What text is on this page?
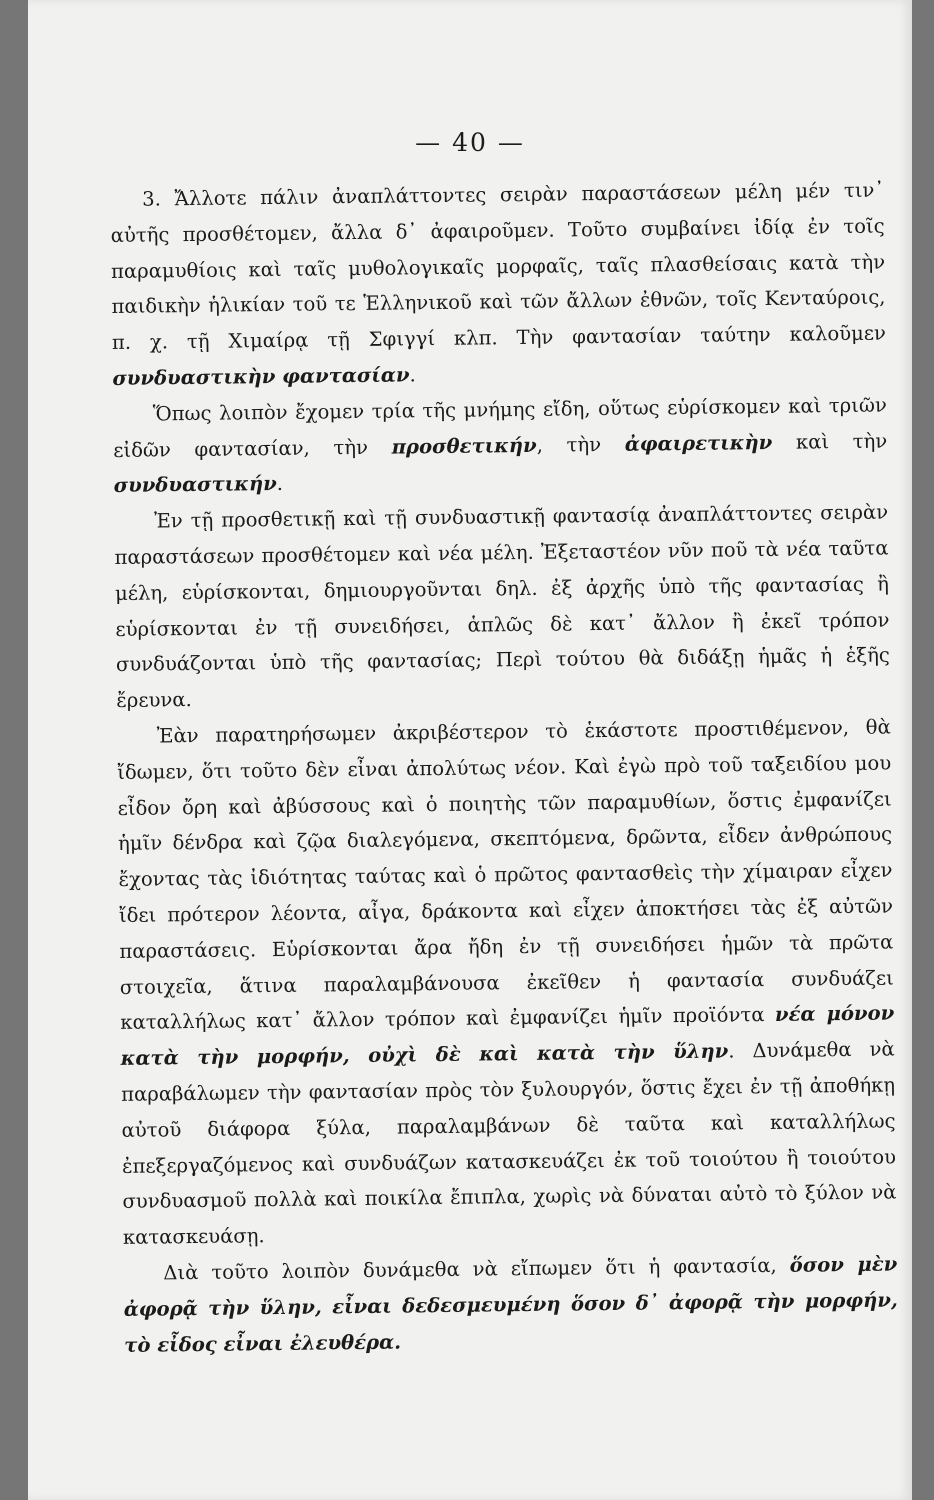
— 40 —

3. Ἄλλοτε πάλιν ἀναπλάττοντες σειρὰν παραστάσεων μέλη μέν τιν᾽ αὐτῆς προσθέτομεν, ἄλλα δ᾽ ἀφαιροῦμεν. Τοῦτο συμβαίνει ἰδίᾳ ἐν τοῖς παραμυθίοις καὶ ταῖς μυθολογικαῖς μορφαῖς, ταῖς πλασθείσαις κατὰ τὴν παιδικὴν ἡλικίαν τοῦ τε Ἑλληνικοῦ καὶ τῶν ἄλλων ἐθνῶν, τοῖς Κενταύροις, π. χ. τῇ Χιμαίρᾳ τῇ Σφιγγί κλπ. Τὴν φαντασίαν ταύτην καλοῦμεν συνδυαστικὴν φαντασίαν.

Ὅπως λοιπὸν ἔχομεν τρία τῆς μνήμης εἴδη, οὕτως εὑρίσκομεν καὶ τριῶν εἰδῶν φαντασίαν, τὴν προσθετικήν, τὴν ἀφαιρετικὴν καὶ τὴν συνδυαστικήν.

Ἐν τῇ προσθετικῇ καὶ τῇ συνδυαστικῇ φαντασίᾳ ἀναπλάττοντες σειρὰν παραστάσεων προσθέτομεν καὶ νέα μέλη. Ἐξεταστέον νῦν ποῦ τὰ νέα ταῦτα μέλη, εὑρίσκονται, δημιουργοῦνται δηλ. ἐξ ἀρχῆς ὑπὸ τῆς φαντασίας ἢ εὑρίσκονται ἐν τῇ συνειδήσει, ἁπλῶς δὲ κατ᾽ ἄλλον ἢ ἐκεῖ τρόπον συνδυάζονται ὑπὸ τῆς φαντασίας; Περὶ τούτου θὰ διδάξῃ ἡμᾶς ἡ ἑξῆς ἔρευνα.

Ἐὰν παρατηρήσωμεν ἀκριβέστερον τὸ ἑκάστοτε προστιθέμενον, θὰ ἴδωμεν, ὅτι τοῦτο δὲν εἶναι ἀπολύτως νέον. Καὶ ἐγὼ πρὸ τοῦ ταξειδίου μου εἶδον ὄρη καὶ ἀβύσσους καὶ ὁ ποιητὴς τῶν παραμυθίων, ὅστις ἐμφανίζει ἡμῖν δένδρα καὶ ζῷα διαλεγόμενα, σκεπτόμενα, δρῶντα, εἶδεν ἀνθρώπους ἔχοντας τὰς ἰδιότητας ταύτας καὶ ὁ πρῶτος φαντασθεὶς τὴν χίμαιραν εἶχεν ἴδει πρότερον λέοντα, αἶγα, δράκοντα καὶ εἶχεν ἀποκτήσει τὰς ἐξ αὐτῶν παραστάσεις. Εὑρίσκονται ἄρα ἤδη ἐν τῇ συνειδήσει ἡμῶν τὰ πρῶτα στοιχεῖα, ἅτινα παραλαμβάνουσα ἐκεῖθεν ἡ φαντασία συνδυάζει καταλλήλως κατ᾽ ἄλλον τρόπον καὶ ἐμφανίζει ἡμῖν προϊόντα νέα μόνον κατὰ τὴν μορφήν, οὐχὶ δὲ καὶ κατὰ τὴν ὕλην. Δυνάμεθα νὰ παραβάλωμεν τὴν φαντασίαν πρὸς τὸν ξυλουργόν, ὅστις ἔχει ἐν τῇ ἀποθήκῃ αὐτοῦ διάφορα ξύλα, παραλαμβάνων δὲ ταῦτα καὶ καταλλήλως ἐπεξεργαζόμενος καὶ συνδυάζων κατασκευάζει ἐκ τοῦ τοιούτου ἢ τοιούτου συνδυασμοῦ πολλὰ καὶ ποικίλα ἔπιπλα, χωρὶς νὰ δύναται αὐτὸ τὸ ξύλον νὰ κατασκευάσῃ.

Διὰ τοῦτο λοιπὸν δυνάμεθα νὰ εἴπωμεν ὅτι ἡ φαντασία, ὅσον μὲν ἀφορᾷ τὴν ὕλην, εἶναι δεδεσμευμένη ὅσον δ᾽ ἀφορᾷ τὴν μορφήν, τὸ εἶδος εἶναι ἐλευθέρα.
